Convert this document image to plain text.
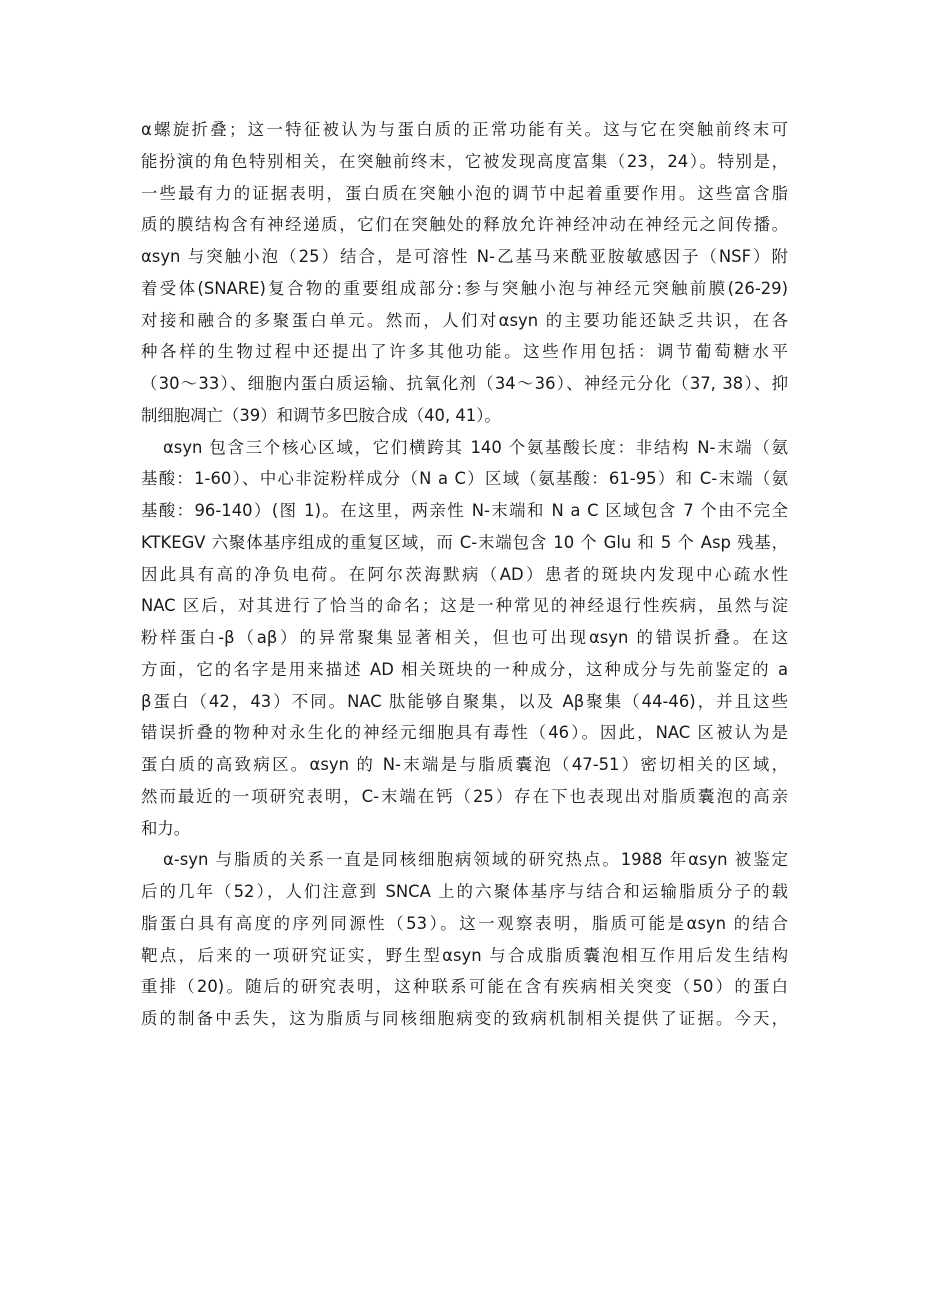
α螺旋折叠；这一特征被认为与蛋白质的正常功能有关。这与它在突触前终末可
能扮演的角色特别相关，在突触前终末，它被发现高度富集（23，24）。特别是，
一些最有力的证据表明，蛋白质在突触小泡的调节中起着重要作用。这些富含脂
质的膜结构含有神经递质，它们在突触处的释放允许神经冲动在神经元之间传播。
αsyn 与突触小泡（25）结合，是可溶性 N-乙基马来酰亚胺敏感因子（NSF）附
着受体(SNARE)复合物的重要组成部分:参与突触小泡与神经元突触前膜(26-29)
对接和融合的多聚蛋白单元。然而，人们对αsyn 的主要功能还缺乏共识，在各
种各样的生物过程中还提出了许多其他功能。这些作用包括：调节葡萄糖水平
（30～33）、细胞内蛋白质运输、抗氧化剂（34～36）、神经元分化（37, 38）、抑
制细胞凋亡（39）和调节多巴胺合成（40, 41）。
αsyn 包含三个核心区域，它们横跨其 140 个氨基酸长度：非结构 N-末端（氨
基酸：1-60）、中心非淀粉样成分（N a C）区域（氨基酸：61-95）和 C-末端（氨
基酸：96-140）(图 1)。在这里，两亲性 N-末端和 N a C 区域包含 7 个由不完全
KTKEGV 六聚体基序组成的重复区域，而 C-末端包含 10 个 Glu 和 5 个 Asp 残基，
因此具有高的净负电荷。在阿尔茨海默病（AD）患者的斑块内发现中心疏水性
NAC 区后，对其进行了恰当的命名；这是一种常见的神经退行性疾病，虽然与淀
粉样蛋白-β（aβ）的异常聚集显著相关，但也可出现αsyn 的错误折叠。在这
方面，它的名字是用来描述 AD 相关斑块的一种成分，这种成分与先前鉴定的 a
β蛋白（42，43）不同。NAC 肽能够自聚集，以及 Aβ聚集（44-46)，并且这些
错误折叠的物种对永生化的神经元细胞具有毒性（46）。因此，NAC 区被认为是
蛋白质的高致病区。αsyn 的 N-末端是与脂质囊泡（47-51）密切相关的区域，
然而最近的一项研究表明，C-末端在钙（25）存在下也表现出对脂质囊泡的高亲
和力。
α-syn 与脂质的关系一直是同核细胞病领域的研究热点。1988 年αsyn 被鉴定
后的几年（52），人们注意到 SNCA 上的六聚体基序与结合和运输脂质分子的载
脂蛋白具有高度的序列同源性（53）。这一观察表明，脂质可能是αsyn 的结合
靶点，后来的一项研究证实，野生型αsyn 与合成脂质囊泡相互作用后发生结构
重排（20)。随后的研究表明，这种联系可能在含有疾病相关突变（50）的蛋白
质的制备中丢失，这为脂质与同核细胞病变的致病机制相关提供了证据。今天，
